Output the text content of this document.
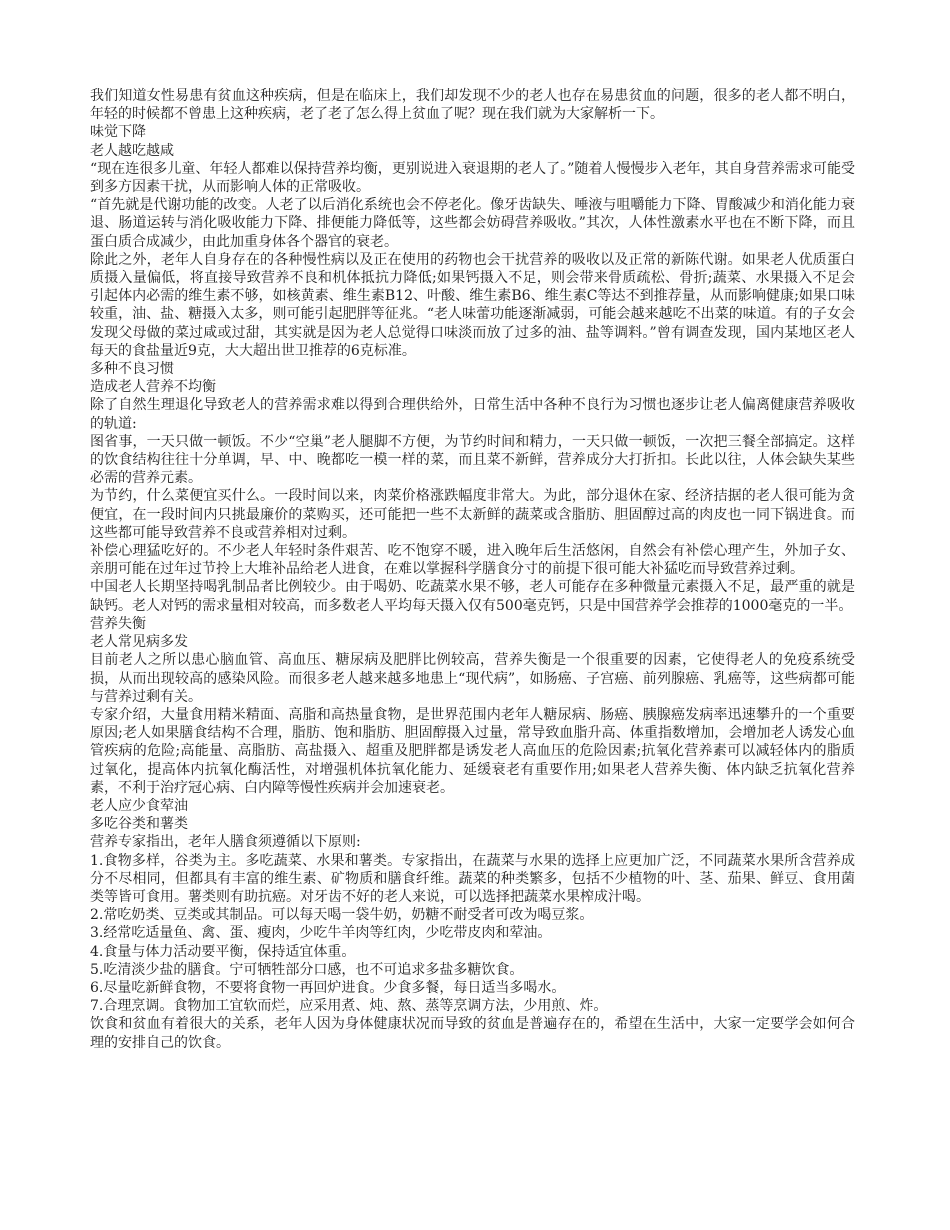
我们知道女性易患有贫血这种疾病，但是在临床上，我们却发现不少的老人也存在易患贫血的问题，很多的老人都不明白，年轻的时候都不曾患上这种疾病，老了老了怎么得上贫血了呢？现在我们就为大家解析一下。

味觉下降

老人越吃越咸

“现在连很多儿童、年轻人都难以保持营养均衡，更别说进入衰退期的老人了。”随着人慢慢步入老年，其自身营养需求可能受到多方因素干扰，从而影响人体的正常吸收。

“首先就是代谢功能的改变。人老了以后消化系统也会不停老化。像牙齿缺失、唾液与咀嚼能力下降、胃酸减少和消化能力衰退、肠道运转与消化吸收能力下降、排便能力降低等，这些都会妨碍营养吸收。”其次，人体性激素水平也在不断下降，而且蛋白质合成减少，由此加重身体各个器官的衰老。

除此之外，老年人自身存在的各种慢性病以及正在使用的药物也会干扰营养的吸收以及正常的新陈代谢。如果老人优质蛋白质摄入量偏低，将直接导致营养不良和机体抵抗力降低;如果钙摄入不足，则会带来骨质疏松、骨折;蔬菜、水果摄入不足会引起体内必需的维生素不够，如核黄素、维生素B12、叶酸、维生素B6、维生素C等达不到推荐量，从而影响健康;如果口味较重，油、盐、糖摄入太多，则可能引起肥胖等征兆。“老人味蕾功能逐渐减弱，可能会越来越吃不出菜的味道。有的子女会发现父母做的菜过咸或过甜，其实就是因为老人总觉得口味淡而放了过多的油、盐等调料。”曾有调查发现，国内某地区老人每天的食盐量近9克，大大超出世卫推荐的6克标准。

多种不良习惯

造成老人营养不均衡

除了自然生理退化导致老人的营养需求难以得到合理供给外，日常生活中各种不良行为习惯也逐步让老人偏离健康营养吸收的轨道:

图省事，一天只做一顿饭。不少“空巢”老人腿脚不方便，为节约时间和精力，一天只做一顿饭，一次把三餐全部搞定。这样的饮食结构往往十分单调，早、中、晚都吃一模一样的菜，而且菜不新鲜，营养成分大打折扣。长此以往，人体会缺失某些必需的营养元素。

为节约，什么菜便宜买什么。一段时间以来，肉菜价格涨跌幅度非常大。为此，部分退休在家、经济拮据的老人很可能为贪便宜，在一段时间内只挑最廉价的菜购买，还可能把一些不太新鲜的蔬菜或含脂肪、胆固醇过高的肉皮也一同下锅进食。而这些都可能导致营养不良或营养相对过剩。

补偿心理猛吃好的。不少老人年轻时条件艰苦、吃不饱穿不暖，进入晚年后生活悠闲，自然会有补偿心理产生，外加子女、亲朋可能在过年过节拎上大堆补品给老人进食，在难以掌握科学膳食分寸的前提下很可能大补猛吃而导致营养过剩。

中国老人长期坚持喝乳制品者比例较少。由于喝奶、吃蔬菜水果不够，老人可能存在多种微量元素摄入不足，最严重的就是缺钙。老人对钙的需求量相对较高，而多数老人平均每天摄入仅有500毫克钙，只是中国营养学会推荐的1000毫克的一半。

营养失衡

老人常见病多发

目前老人之所以患心脑血管、高血压、糖尿病及肥胖比例较高，营养失衡是一个很重要的因素，它使得老人的免疫系统受损，从而出现较高的感染风险。而很多老人越来越多地患上“现代病”，如肠癌、子宫癌、前列腺癌、乳癌等，这些病都可能与营养过剩有关。

专家介绍，大量食用精米精面、高脂和高热量食物，是世界范围内老年人糖尿病、肠癌、胰腺癌发病率迅速攀升的一个重要原因;老人如果膳食结构不合理，脂肪、饱和脂肪、胆固醇摄入过量，常导致血脂升高、体重指数增加，会增加老人诱发心血管疾病的危险;高能量、高脂肪、高盐摄入、超重及肥胖都是诱发老人高血压的危险因素;抗氧化营养素可以减轻体内的脂质过氧化，提高体内抗氧化酶活性，对增强机体抗氧化能力、延缓衰老有重要作用;如果老人营养失衡、体内缺乏抗氧化营养素，不利于治疗冠心病、白内障等慢性疾病并会加速衰老。

老人应少食荤油

多吃谷类和薯类

营养专家指出，老年人膳食须遵循以下原则:

1.食物多样，谷类为主。多吃蔬菜、水果和薯类。专家指出，在蔬菜与水果的选择上应更加广泛，不同蔬菜水果所含营养成分不尽相同，但都具有丰富的维生素、矿物质和膳食纤维。蔬菜的种类繁多，包括不少植物的叶、茎、茄果、鲜豆、食用菌类等皆可食用。薯类则有助抗癌。对牙齿不好的老人来说，可以选择把蔬菜水果榨成汁喝。

2.常吃奶类、豆类或其制品。可以每天喝一袋牛奶，奶糖不耐受者可改为喝豆浆。

3.经常吃适量鱼、禽、蛋、瘦肉，少吃牛羊肉等红肉，少吃带皮肉和荤油。

4.食量与体力活动要平衡，保持适宜体重。

5.吃清淡少盐的膳食。宁可牺牲部分口感，也不可追求多盐多糖饮食。

6.尽量吃新鲜食物，不要将食物一再回炉进食。少食多餐，每日适当多喝水。

7.合理烹调。食物加工宜软而烂，应采用煮、炖、熬、蒸等烹调方法，少用煎、炸。

饮食和贫血有着很大的关系，老年人因为身体健康状况而导致的贫血是普遍存在的，希望在生活中，大家一定要学会如何合理的安排自己的饮食。
